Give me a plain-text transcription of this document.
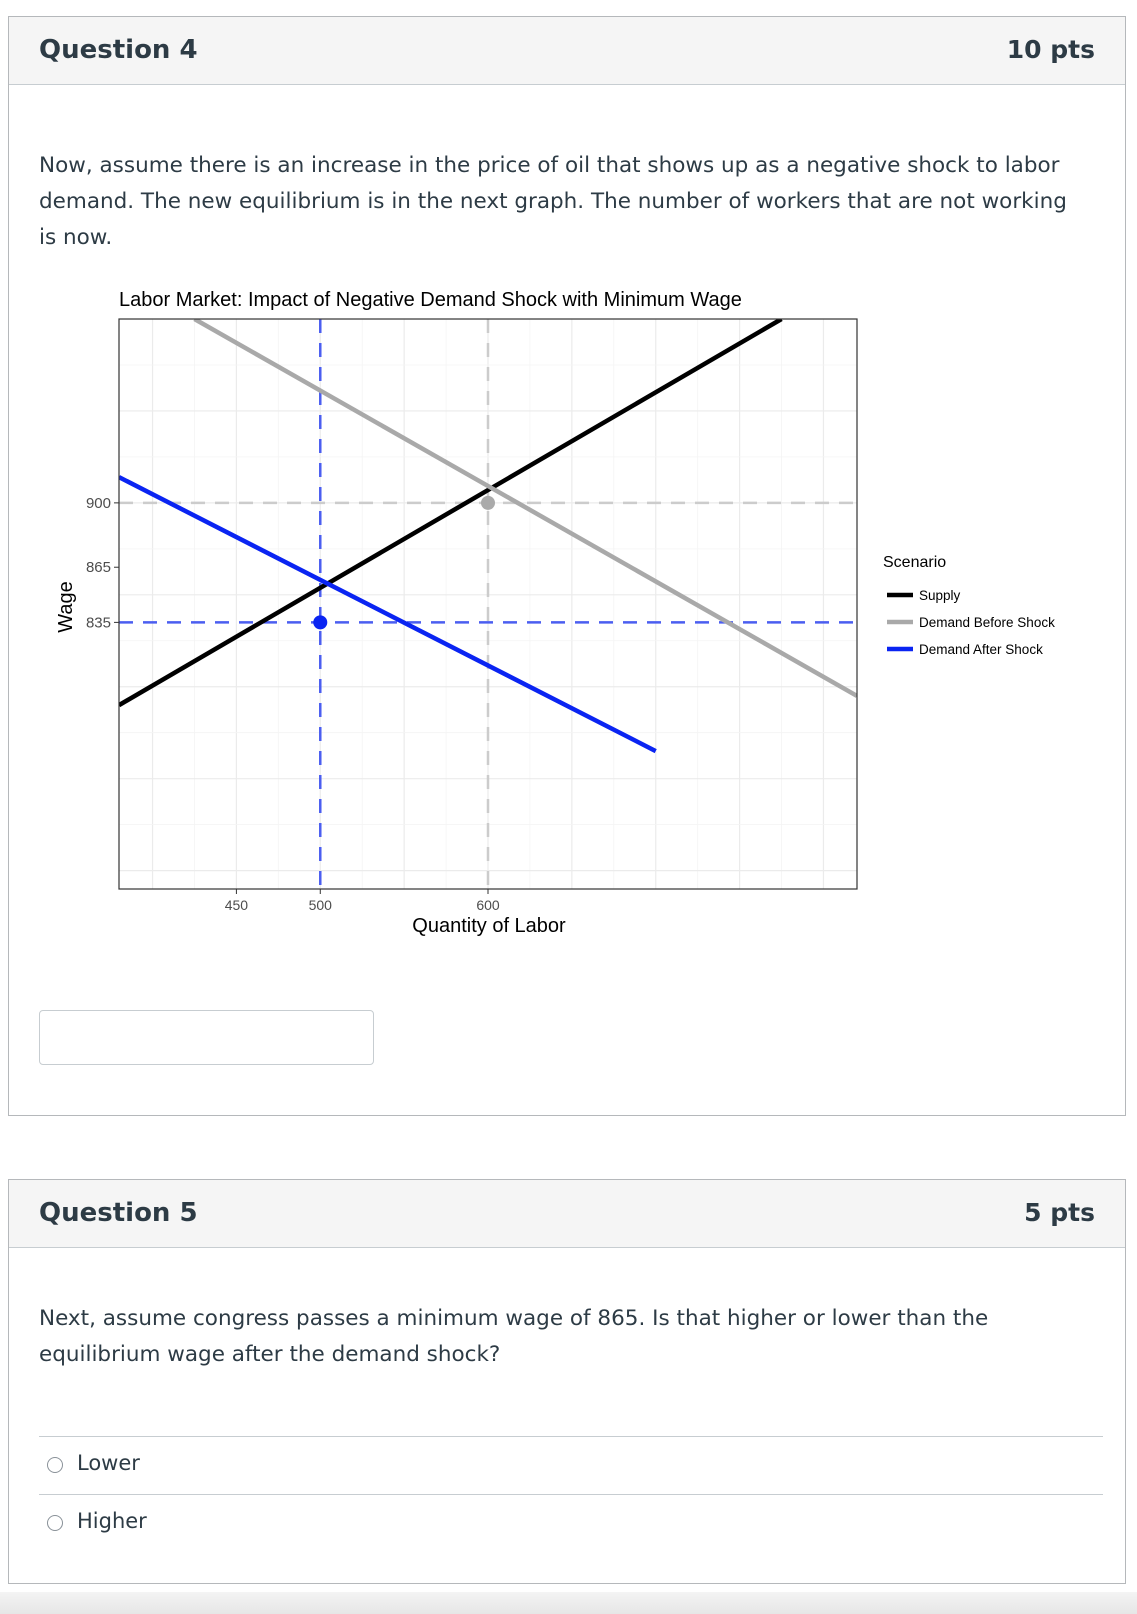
Question 4	10 pts
Now, assume there is an increase in the price of oil that shows up as a negative shock to labor demand. The new equilibrium is in the next graph. The number of workers that are not working is now.
Labor Market: Impact of Negative Demand Shock with Minimum Wage
450	500	600
900
865
835
Quantity of Labor
Wage
Scenario
Supply
Demand Before Shock
Demand After Shock
Question 5	5 pts
Next, assume congress passes a minimum wage of 865. Is that higher or lower than the equilibrium wage after the demand shock?
Lower
Higher
